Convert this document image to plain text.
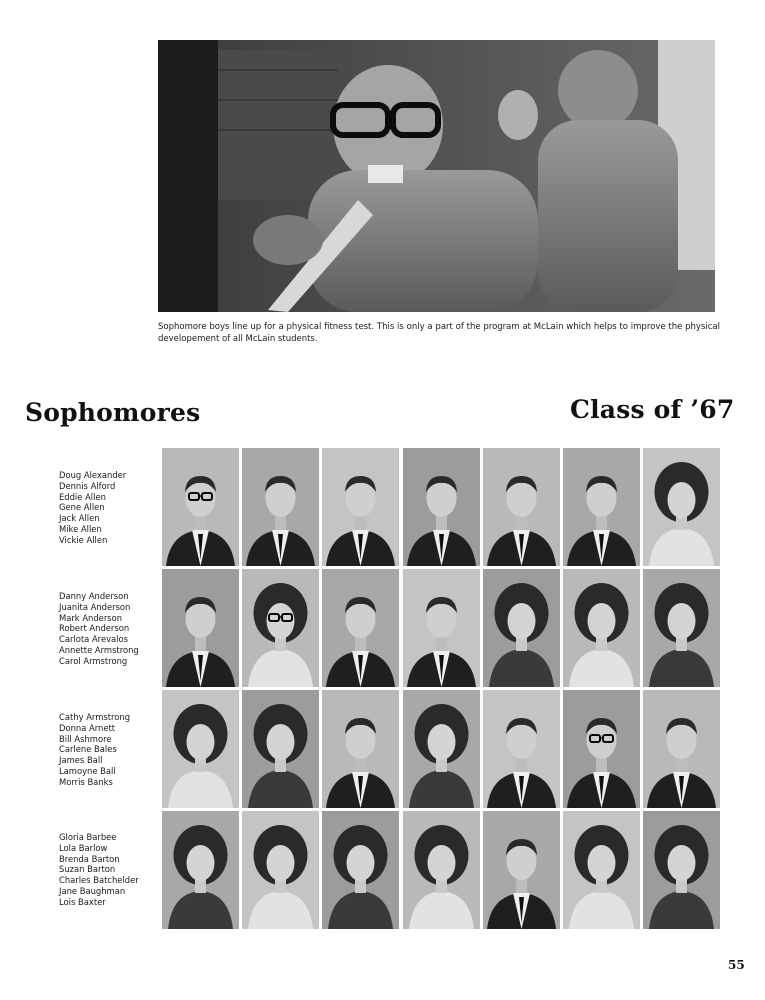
Sophomore boys line up for a physical fitness test. This is only a part of the program at McLain which helps to improve the physical developement of all McLain students.
Sophomores	Class of ’67
Doug Alexander
Dennis Alford
Eddie Allen
Gene Allen
Jack Allen
Mike Allen
Vickie Allen
Danny Anderson
Juanita Anderson
Mark Anderson
Robert Anderson
Carlota Arevalos
Annette Armstrong
Carol Armstrong
Cathy Armstrong
Donna Arnett
Bill Ashmore
Carlene Bales
James Ball
Lamoyne Ball
Morris Banks
Gloria Barbee
Lola Barlow
Brenda Barton
Suzan Barton
Charles Batchelder
Jane Baughman
Lois Baxter
55
